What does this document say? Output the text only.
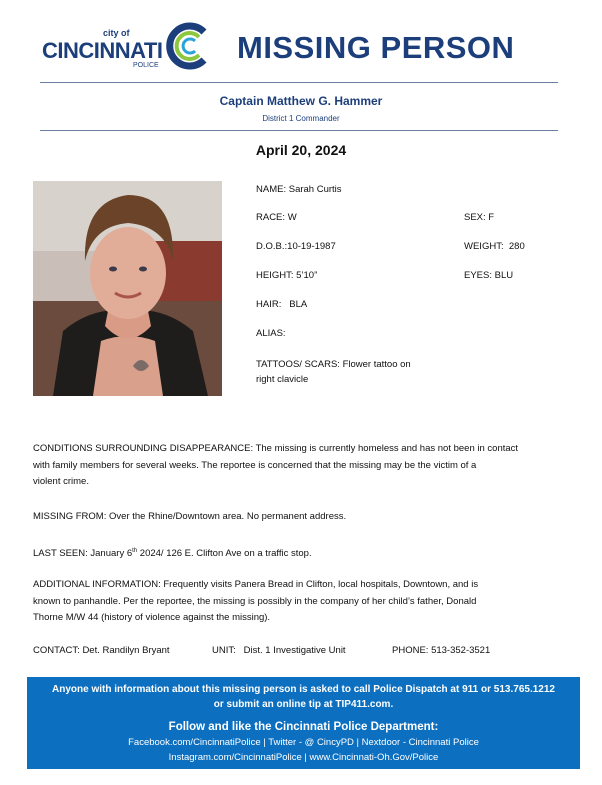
city of
CINCINNATI
POLICE
MISSING PERSON
Captain Matthew G. Hammer
District 1 Commander
April 20, 2024
NAME: Sarah Curtis
RACE: W	SEX: F
D.O.B.:10-19-1987	WEIGHT: 280
HEIGHT: 5’10”	EYES: BLU
HAIR: BLA
ALIAS:
TATTOOS/ SCARS: Flower tattoo on
right clavicle
CONDITIONS SURROUNDING DISAPPEARANCE: The missing is currently homeless and has not been in contact
with family members for several weeks. The reportee is concerned that the missing may be the victim of a
violent crime.
MISSING FROM: Over the Rhine/Downtown area. No permanent address.
LAST SEEN: January 6th 2024/ 126 E. Clifton Ave on a traffic stop.
ADDITIONAL INFORMATION: Frequently visits Panera Bread in Clifton, local hospitals, Downtown, and is
known to panhandle. Per the reportee, the missing is possibly in the company of her child’s father, Donald
Thorne M/W 44 (history of violence against the missing).
CONTACT: Det. Randilyn Bryant	UNIT: Dist. 1 Investigative Unit	PHONE: 513-352-3521
Anyone with information about this missing person is asked to call Police Dispatch at 911 or 513.765.1212
or submit an online tip at TIP411.com.
Follow and like the Cincinnati Police Department:
Facebook.com/CincinnatiPolice | Twitter - @ CincyPD | Nextdoor - Cincinnati Police
Instagram.com/CincinnatiPolice | www.Cincinnati-Oh.Gov/Police
